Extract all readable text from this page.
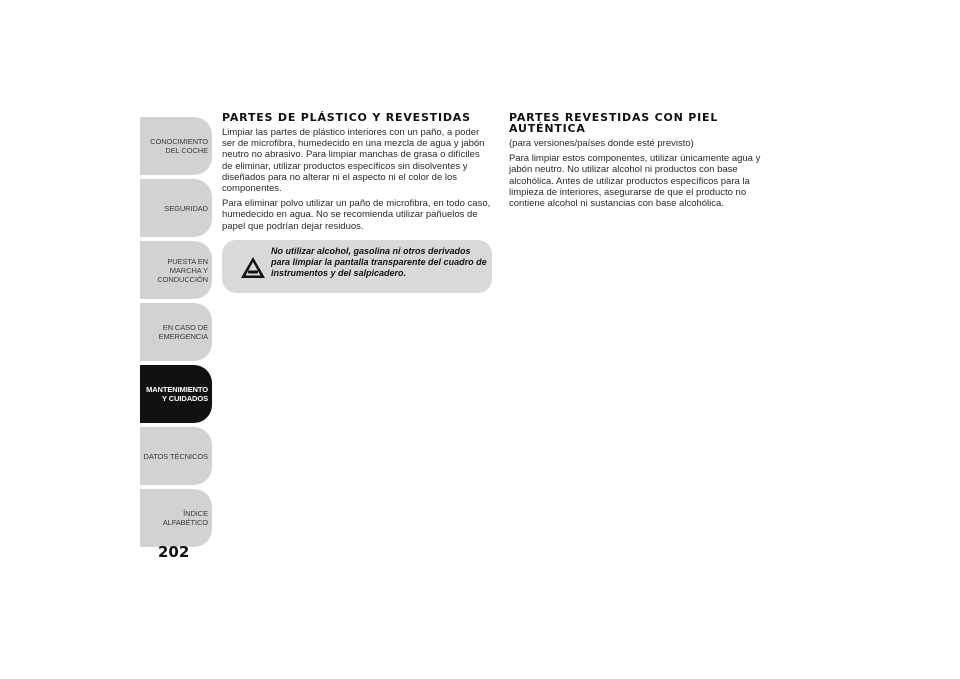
CONOCIMIENTO DEL COCHE
SEGURIDAD
PUESTA EN MARCHA Y CONDUCCIÓN
EN CASO DE EMERGENCIA
MANTENIMIENTO Y CUIDADOS
DATOS TÉCNICOS
ÍNDICE ALFABÉTICO
202
PARTES DE PLÁSTICO Y REVESTIDAS

Limpiar las partes de plástico interiores con un paño, a poder ser de microfibra, humedecido en una mezcla de agua y jabón neutro no abrasivo. Para limpiar manchas de grasa o difíciles de eliminar, utilizar productos específicos sin disolventes y diseñados para no alterar ni el aspecto ni el color de los componentes.

Para eliminar polvo utilizar un paño de microfibra, en todo caso, humedecido en agua. No se recomienda utilizar pañuelos de papel que podrían dejar residuos.

No utilizar alcohol, gasolina ni otros derivados para limpiar la pantalla transparente del cuadro de instrumentos y del salpicadero.
PARTES REVESTIDAS CON PIEL AUTÉNTICA

(para versiones/países donde esté previsto)

Para limpiar estos componentes, utilizar únicamente agua y jabón neutro. No utilizar alcohol ni productos con base alcohólica. Antes de utilizar productos específicos para la limpieza de interiores, asegurarse de que el producto no contiene alcohol ni sustancias con base alcohólica.
